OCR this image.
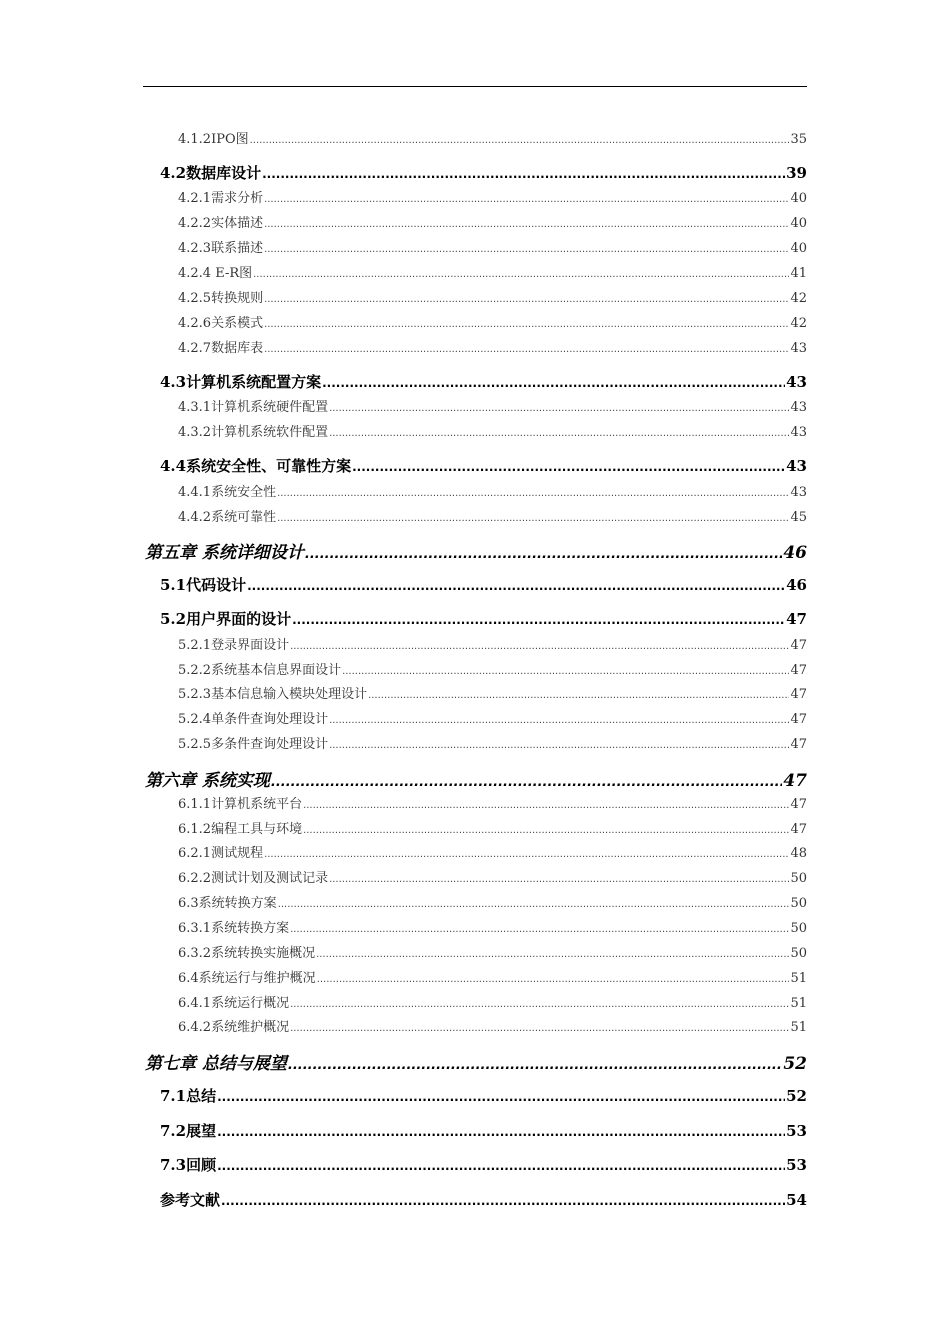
4.1.2IPO图 .....	35
4.2数据库设计 .....	39
4.2.1需求分析 .....	40
4.2.2实体描述 .....	40
4.2.3联系描述 .....	40
4.2.4 E-R图 .....	41
4.2.5转换规则 .....	42
4.2.6关系模式 .....	42
4.2.7数据库表 .....	43
4.3计算机系统配置方案 .....	43
4.3.1计算机系统硬件配置 .....	43
4.3.2计算机系统软件配置 .....	43
4.4系统安全性、可靠性方案 .....	43
4.4.1系统安全性 .....	43
4.4.2系统可靠性 .....	45
第五章 系统详细设计 .....	46
5.1代码设计 .....	46
5.2用户界面的设计 .....	47
5.2.1登录界面设计 .....	47
5.2.2系统基本信息界面设计 .....	47
5.2.3基本信息输入模块处理设计 .....	47
5.2.4单条件查询处理设计 .....	47
5.2.5多条件查询处理设计 .....	47
第六章 系统实现 .....	47
6.1.1计算机系统平台 .....	47
6.1.2编程工具与环境 .....	47
6.2.1测试规程 .....	48
6.2.2测试计划及测试记录 .....	50
6.3系统转换方案 .....	50
6.3.1系统转换方案 .....	50
6.3.2系统转换实施概况 .....	50
6.4系统运行与维护概况 .....	51
6.4.1系统运行概况 .....	51
6.4.2系统维护概况 .....	51
第七章 总结与展望 .....	52
7.1总结 .....	52
7.2展望 .....	53
7.3回顾 .....	53
参考文献 .....	54
